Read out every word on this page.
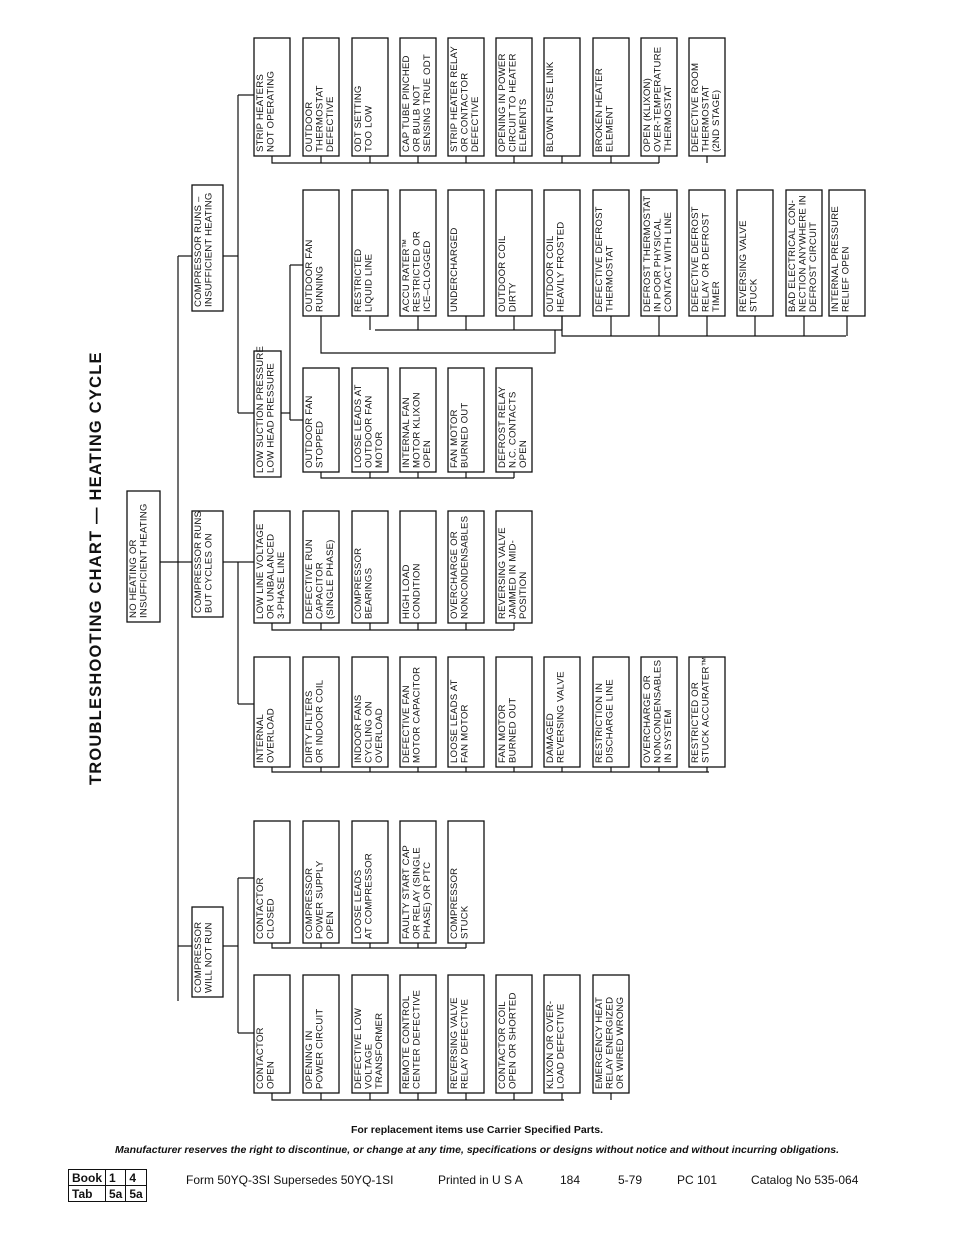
NO HEATING OR INSUFFICIENT HEATING
COMPRESSOR WILL NOT RUN
CONTACTOR OPEN	OPENING IN POWER CIRCUIT	DEFECTIVE LOW VOLTAGE TRANSFORMER REMOTE CONTROL CENTER DEFECTIVE	REVERSING VALVE RELAY DEFECTIVE	CONTACTOR COIL OPEN OR SHORTED	KLIXON OR OVER- LOAD DEFECTIVE	EMERGENCY HEAT RELAY ENERGIZED OR WIRED WRONG
CONTACTOR CLOSED	COMPRESSOR POWER SUPPLY OPEN LOOSE LEADS AT COMPRESSOR	FAULTY START CAP OR RELAY (SINGLE PHASE) OR PTC COMPRESSOR STUCK
COMPRESSOR RUNS BUT CYCLES ON
INTERNAL OVERLOAD	DIRTY FILTERS OR INDOOR COIL	INDOOR FANS CYCLING ON OVERLOAD DEFECTIVE FAN MOTOR CAPACITOR	LOOSE LEADS AT FAN MOTOR	FAN MOTOR BURNED OUT	DAMAGED REVERSING VALVE	RESTRICTION IN DISCHARGE LINE	OVERCHARGE OR NONCONDENSABLES IN SYSTEM RESTRICTED OR STUCK ACCURATER™
LOW LINE VOLTAGE OR UNBALANCED 3-PHASE LINE DEFECTIVE RUN CAPACITOR (SINGLE PHASE) COMPRESSOR BEARINGS	HIGH LOAD CONDITION	OVERCHARGE OR NONCONDENSABLES	REVERSING VALVE JAMMED IN MID- POSITION
COMPRESSOR RUNS – INSUFFICIENT HEATING
LOW SUCTION PRESSURE LOW HEAD PRESSURE	OUTDOOR FAN STOPPED	LOOSE LEADS AT OUTDOOR FAN MOTOR INTERNAL FAN MOTOR KLIXON OPEN FAN MOTOR BURNED OUT	DEFROST RELAY N.C. CONTACTS OPEN
OUTDOOR FAN RUNNING	RESTRICTED LIQUID LINE	ACCU RATER™ RESTRICTED OR ICE–CLOGGED UNDERCHARGED	OUTDOOR COIL DIRTY	OUTDOOR COIL HEAVILY FROSTED	DEFECTIVE DEFROST THERMOSTAT	DEFROST THERMOSTAT IN POOR PHYSICAL CONTACT WITH LINE DEFECTIVE DEFROST RELAY OR DEFROST TIMER REVERSING VALVE STUCK	BAD ELECTRICAL CON- NECTION ANYWHERE IN DEFROST CIRCUIT INTERNAL PRESSURE RELIEF OPEN
STRIP HEATERS NOT OPERATING	OUTDOOR THERMOSTAT DEFECTIVE ODT SETTING TOO LOW	CAP TUBE PINCHED OR BULB NOT SENSING TRUE ODT STRIP HEATER RELAY OR CONTACTOR DEFECTIVE OPENING IN POWER CIRCUIT TO HEATER ELEMENTS BLOWN FUSE LINK	BROKEN HEATER ELEMENT	OPEN (KLIXON) OVER-TEMPERATURE THERMOSTAT DEFECTIVE ROOM THERMOSTAT (2ND STAGE)
TROUBLESHOOTING CHART — HEATING CYCLE
For replacement items use Carrier Specified Parts.
Manufacturer reserves the right to discontinue, or change at any time, specifications or designs without notice and without incurring obligations.
Book	1	4
Tab	5a	5a
Form 50YQ-3SI Supersedes 50YQ-1SI	Printed in U S A	184	5-79	PC 101	Catalog No 535-064
